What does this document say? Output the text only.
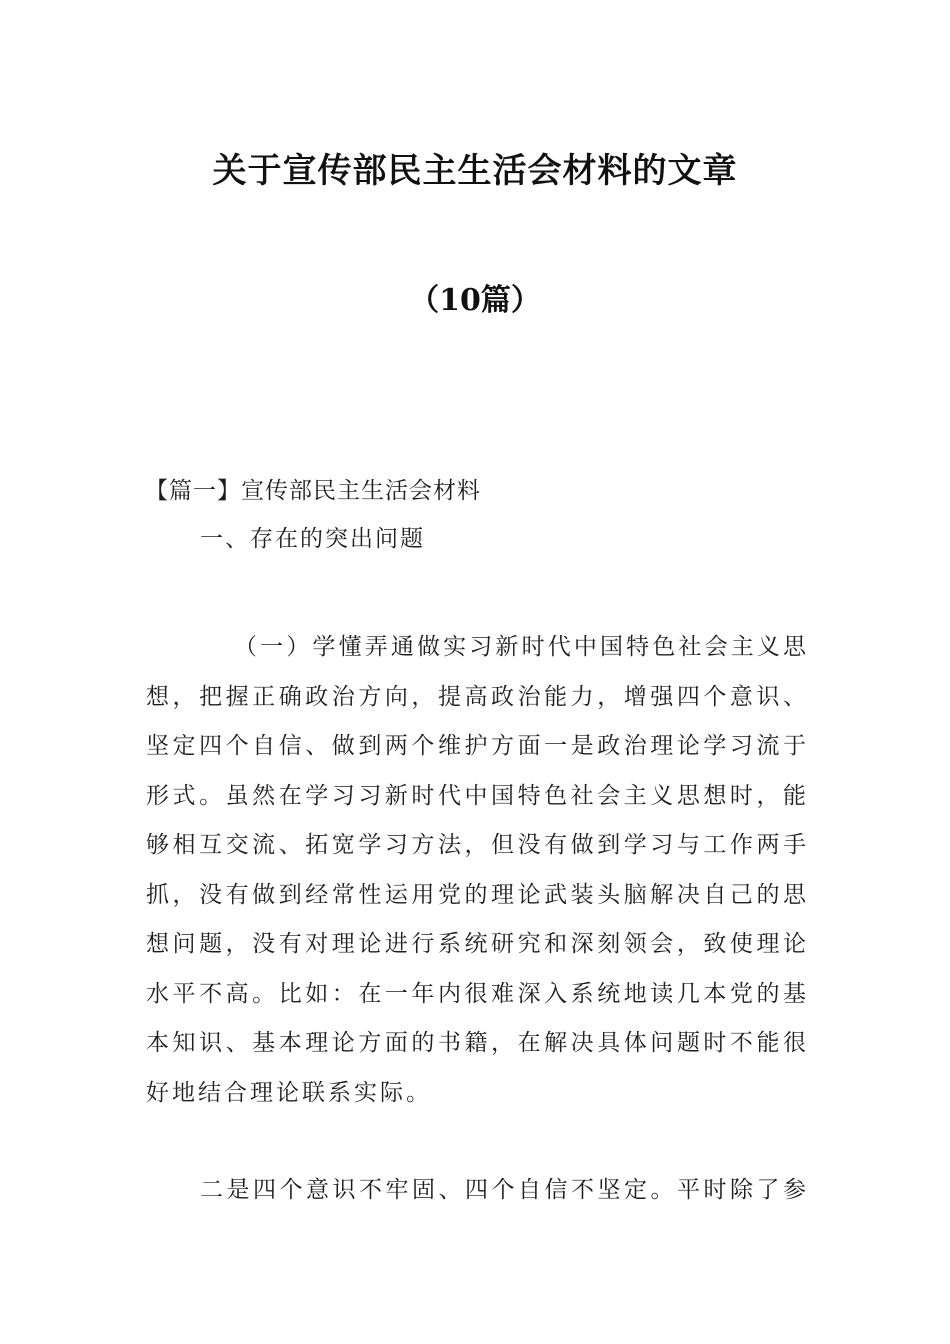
关于宣传部民主生活会材料的文章
（10篇）
【篇一】宣传部民主生活会材料
一、存在的突出问题
（一）学懂弄通做实习新时代中国特色社会主义思
想，把握正确政治方向，提高政治能力，增强四个意识、
坚定四个自信、做到两个维护方面一是政治理论学习流于
形式。虽然在学习习新时代中国特色社会主义思想时，能
够相互交流、拓宽学习方法，但没有做到学习与工作两手
抓，没有做到经常性运用党的理论武装头脑解决自己的思
想问题，没有对理论进行系统研究和深刻领会，致使理论
水平不高。比如：在一年内很难深入系统地读几本党的基
本知识、基本理论方面的书籍，在解决具体问题时不能很
好地结合理论联系实际。
二是四个意识不牢固、四个自信不坚定。平时除了参
